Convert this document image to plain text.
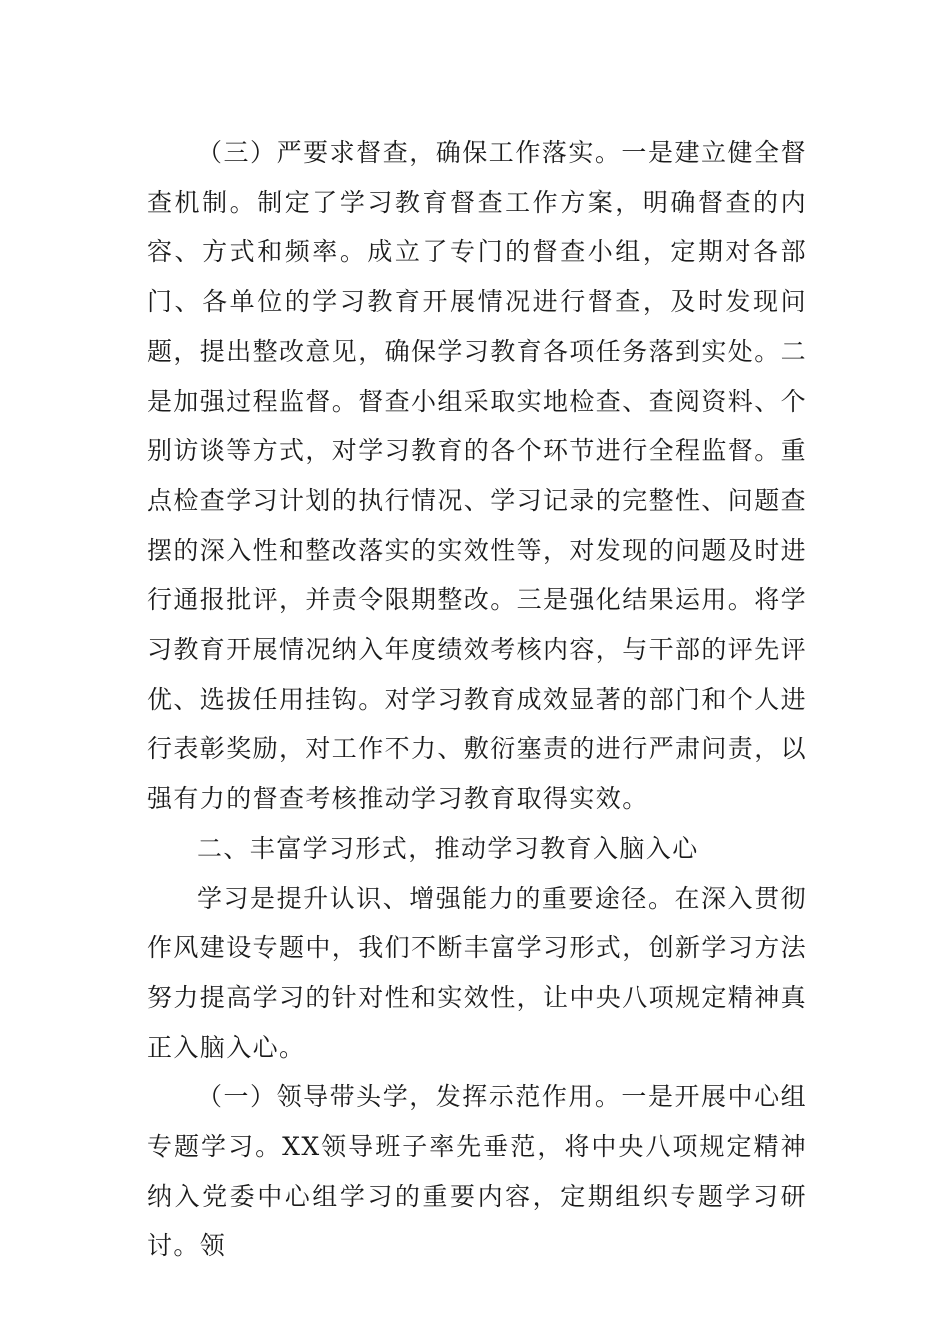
（三）严要求督查，确保工作落实。一是建立健全督查机制。制定了学习教育督查工作方案，明确督查的内容、方式和频率。成立了专门的督查小组，定期对各部门、各单位的学习教育开展情况进行督查，及时发现问题，提出整改意见，确保学习教育各项任务落到实处。二是加强过程监督。督查小组采取实地检查、查阅资料、个别访谈等方式，对学习教育的各个环节进行全程监督。重点检查学习计划的执行情况、学习记录的完整性、问题查摆的深入性和整改落实的实效性等，对发现的问题及时进行通报批评，并责令限期整改。三是强化结果运用。将学习教育开展情况纳入年度绩效考核内容，与干部的评先评优、选拔任用挂钩。对学习教育成效显著的部门和个人进行表彰奖励，对工作不力、敷衍塞责的进行严肃问责，以强有力的督查考核推动学习教育取得实效。

二、丰富学习形式，推动学习教育入脑入心

学习是提升认识、增强能力的重要途径。在深入贯彻作风建设专题中，我们不断丰富学习形式，创新学习方法努力提高学习的针对性和实效性，让中央八项规定精神真正入脑入心。

（一）领导带头学，发挥示范作用。一是开展中心组专题学习。XX领导班子率先垂范，将中央八项规定精神纳入党委中心组学习的重要内容，定期组织专题学习研讨。领
